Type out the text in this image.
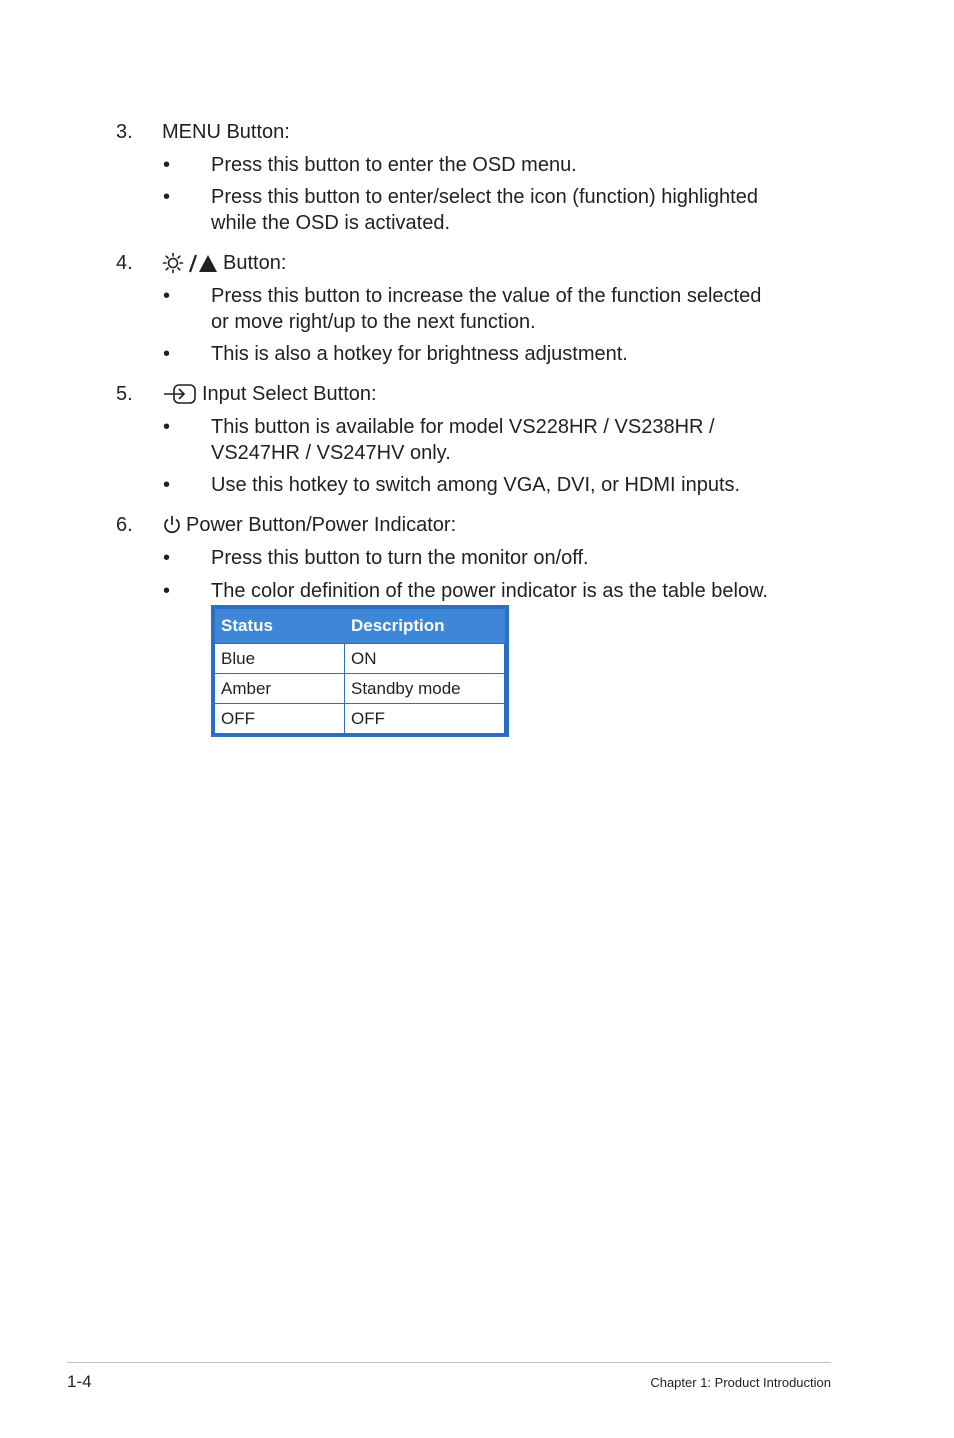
3. MENU Button:
• Press this button to enter the OSD menu.
• Press this button to enter/select the icon (function) highlighted
while the OSD is activated.
4.	Button:
• Press this button to increase the value of the function selected
or move right/up to the next function.
• This is also a hotkey for brightness adjustment.
5.	Input Select Button:
• This button is available for model VS228HR / VS238HR /
VS247HR / VS247HV only.
• Use this hotkey to switch among VGA, DVI, or HDMI inputs.
6.	Power Button/Power Indicator:
• Press this button to turn the monitor on/off.
• The color definition of the power indicator is as the table below.
Status	Description
Blue	ON
Amber	Standby mode
OFF	OFF
1-4	Chapter 1: Product Introduction
